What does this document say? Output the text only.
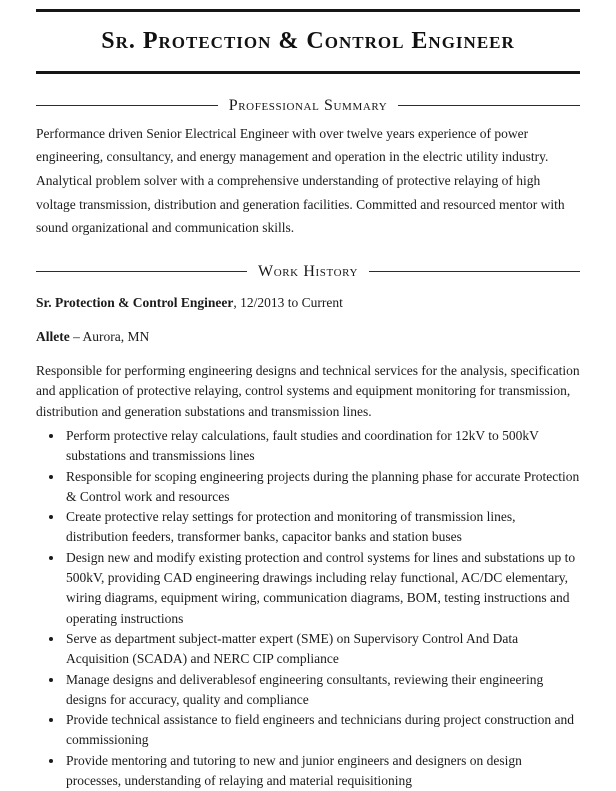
Sr. Protection & Control Engineer
Professional Summary

Performance driven Senior Electrical Engineer with over twelve years experience of power engineering, consultancy, and energy management and operation in the electric utility industry. Analytical problem solver with a comprehensive understanding of protective relaying of high voltage transmission, distribution and generation facilities. Committed and resourced mentor with sound organizational and communication skills.

Work History

Sr. Protection & Control Engineer, 12/2013 to Current

Allete – Aurora, MN

Responsible for performing engineering designs and technical services for the analysis, specification and application of protective relaying, control systems and equipment monitoring for transmission, distribution and generation substations and transmission lines.

• Perform protective relay calculations, fault studies and coordination for 12kV to 500kV substations and transmissions lines
• Responsible for scoping engineering projects during the planning phase for accurate Protection & Control work and resources
• Create protective relay settings for protection and monitoring of transmission lines, distribution feeders, transformer banks, capacitor banks and station buses
• Design new and modify existing protection and control systems for lines and substations up to 500kV, providing CAD engineering drawings including relay functional, AC/DC elementary, wiring diagrams, equipment wiring, communication diagrams, BOM, testing instructions and operating instructions
• Serve as department subject-matter expert (SME) on Supervisory Control And Data Acquisition (SCADA) and NERC CIP compliance
• Manage designs and deliverablesof engineering consultants, reviewing their engineering designs for accuracy, quality and compliance
• Provide technical assistance to field engineers and technicians during project construction and commissioning
• Provide mentoring and tutoring to new and junior engineers and designers on design processes, understanding of relaying and material requisitioning
